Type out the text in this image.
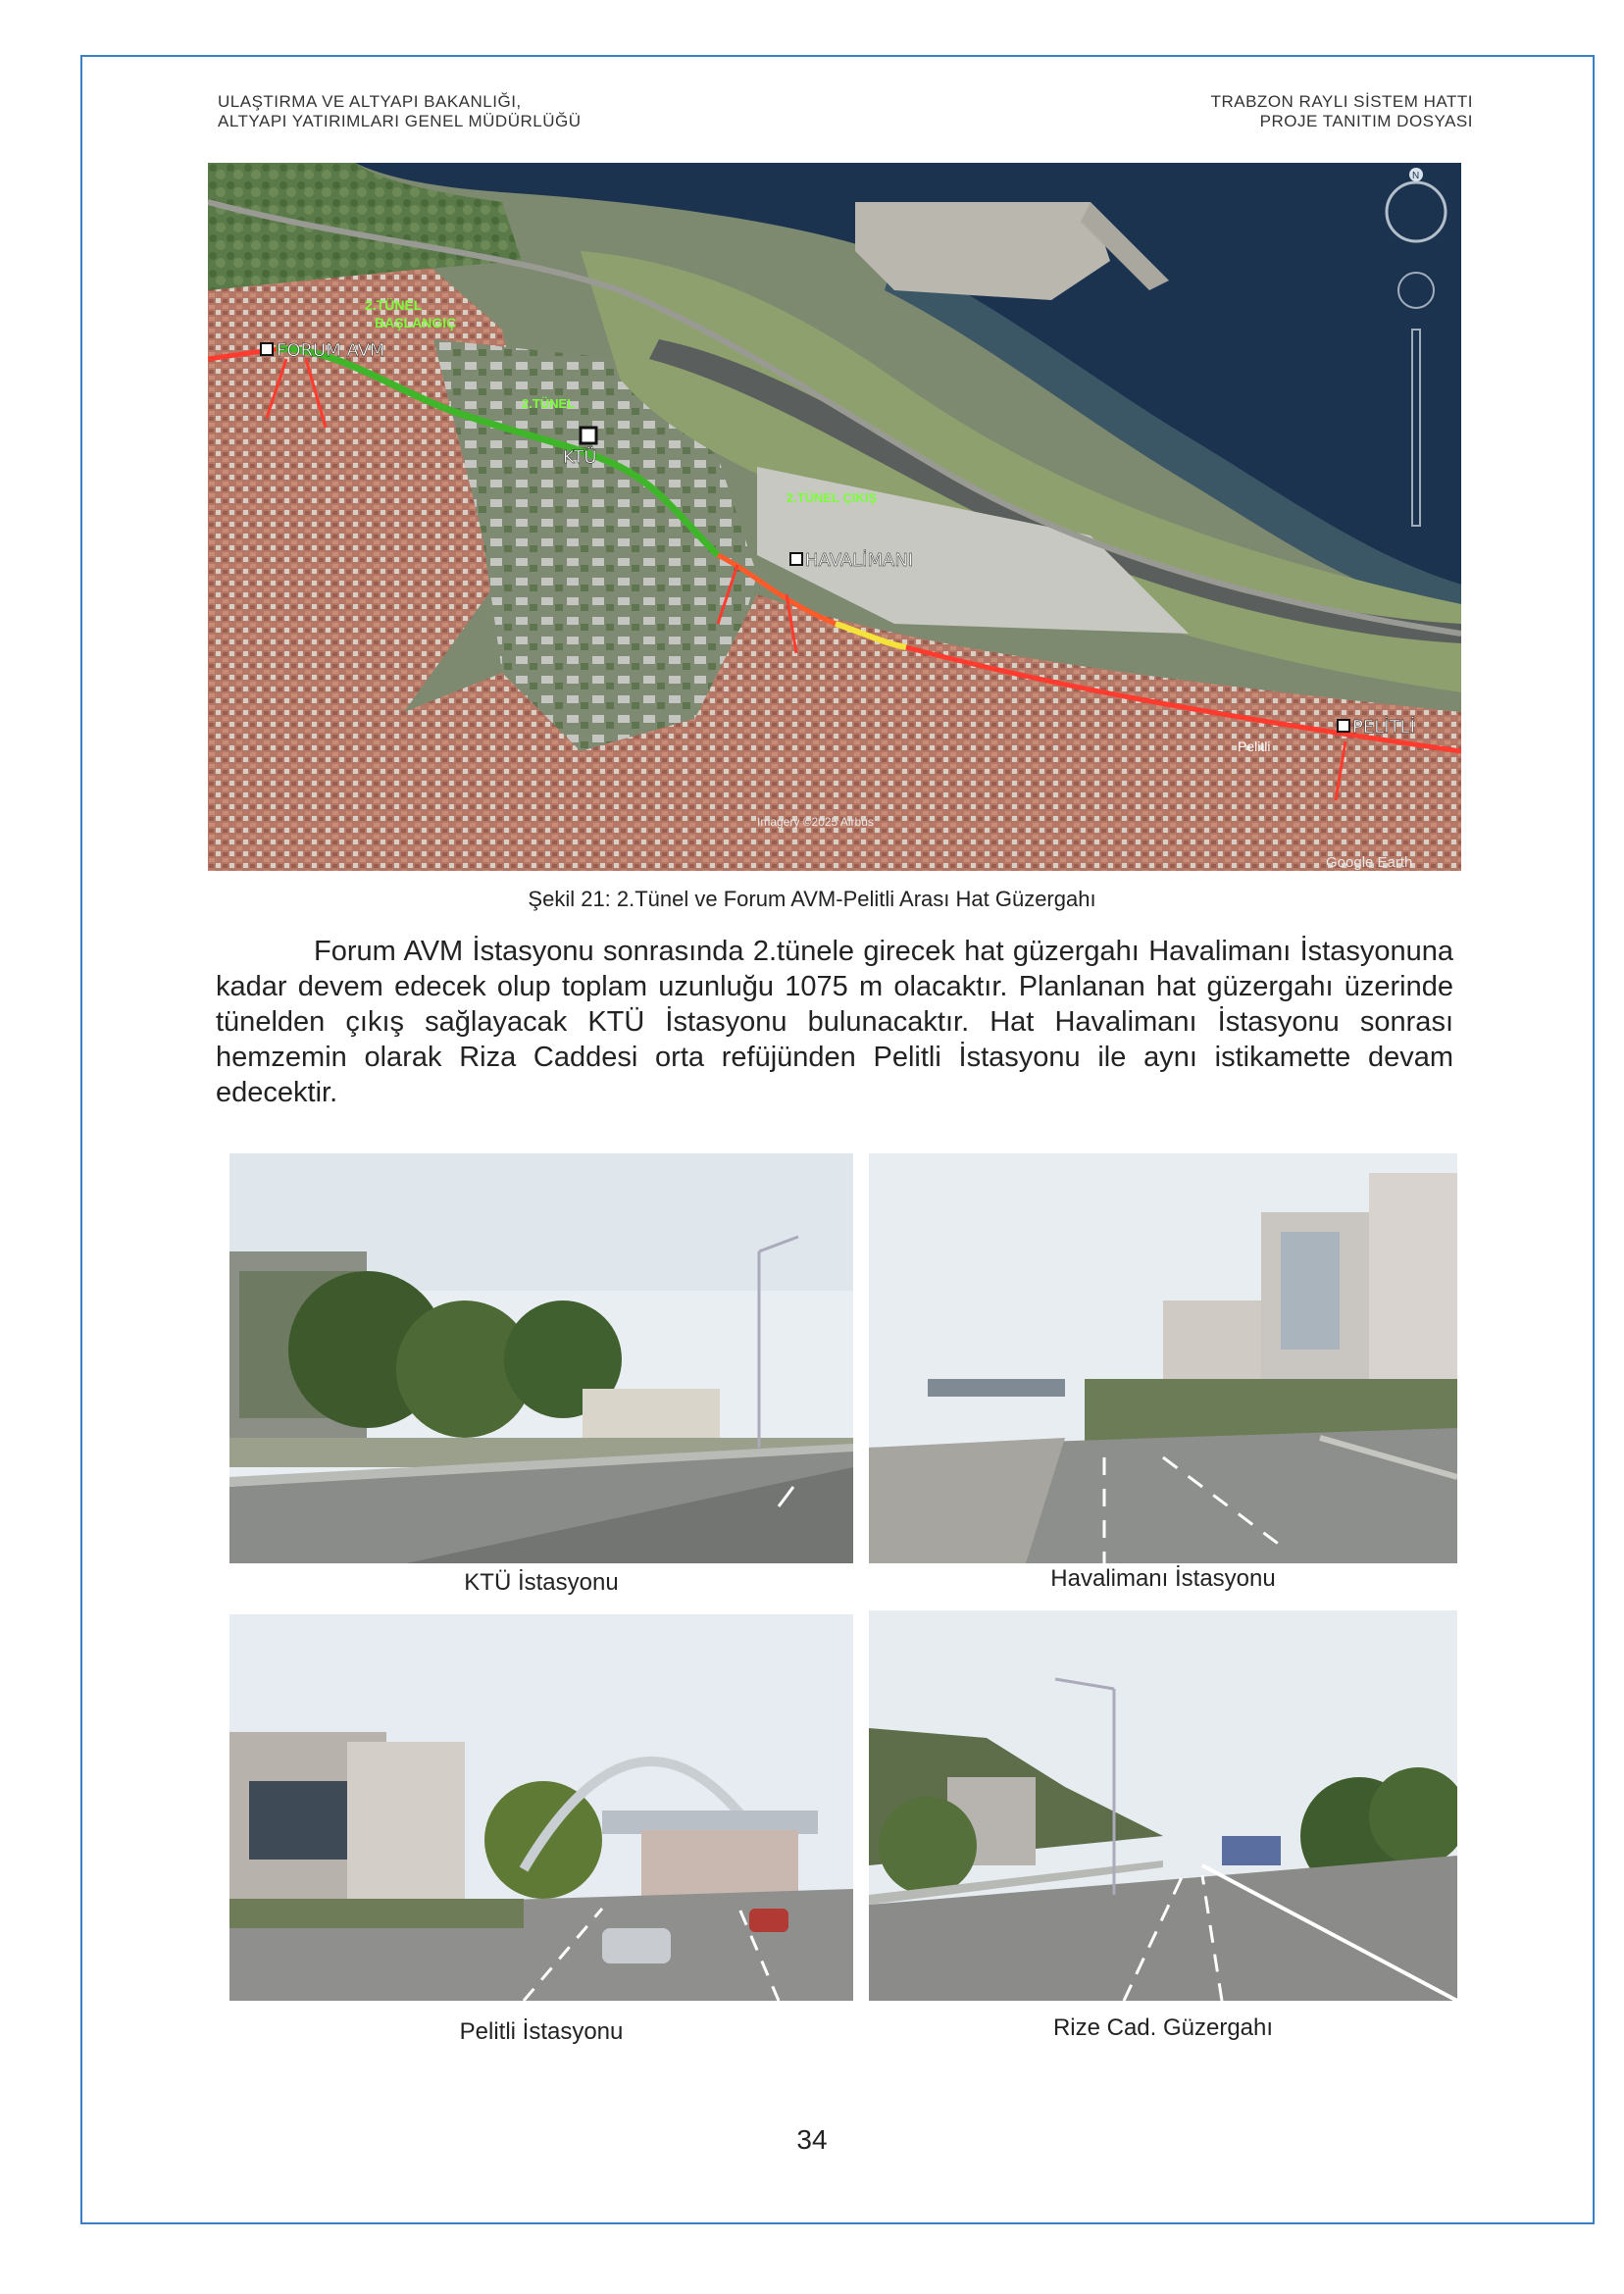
ULAŞTIRMA VE ALTYAPI BAKANLIĞI,
ALTYAPI YATIRIMLARI GENEL MÜDÜRLÜĞÜ
TRABZON RAYLI SİSTEM HATTI
PROJE TANITIM DOSYASI
FORUM AVM
KTÜ
HAVALİMANI
PELİTLİ
Pelitli
2.TÜNEL
BAŞLANGIÇ
2.TÜNEL
2.TÜNEL ÇIKIŞ
N
Imagery ©2025 Airbus
Google Earth
Şekil 21: 2.Tünel ve Forum AVM-Pelitli Arası Hat Güzergahı
Forum AVM İstasyonu sonrasında 2.tünele girecek hat güzergahı Havalimanı İstasyonuna kadar devem edecek olup toplam uzunluğu 1075 m olacaktır. Planlanan hat güzergahı üzerinde tünelden çıkış sağlayacak KTÜ İstasyonu bulunacaktır. Hat Havalimanı İstasyonu sonrası hemzemin olarak Riza Caddesi orta refüjünden Pelitli İstasyonu ile aynı istikamette devam edecektir.
KTÜ İstasyonu	Havalimanı İstasyonu
Pelitli İstasyonu	Rize Cad. Güzergahı
34
